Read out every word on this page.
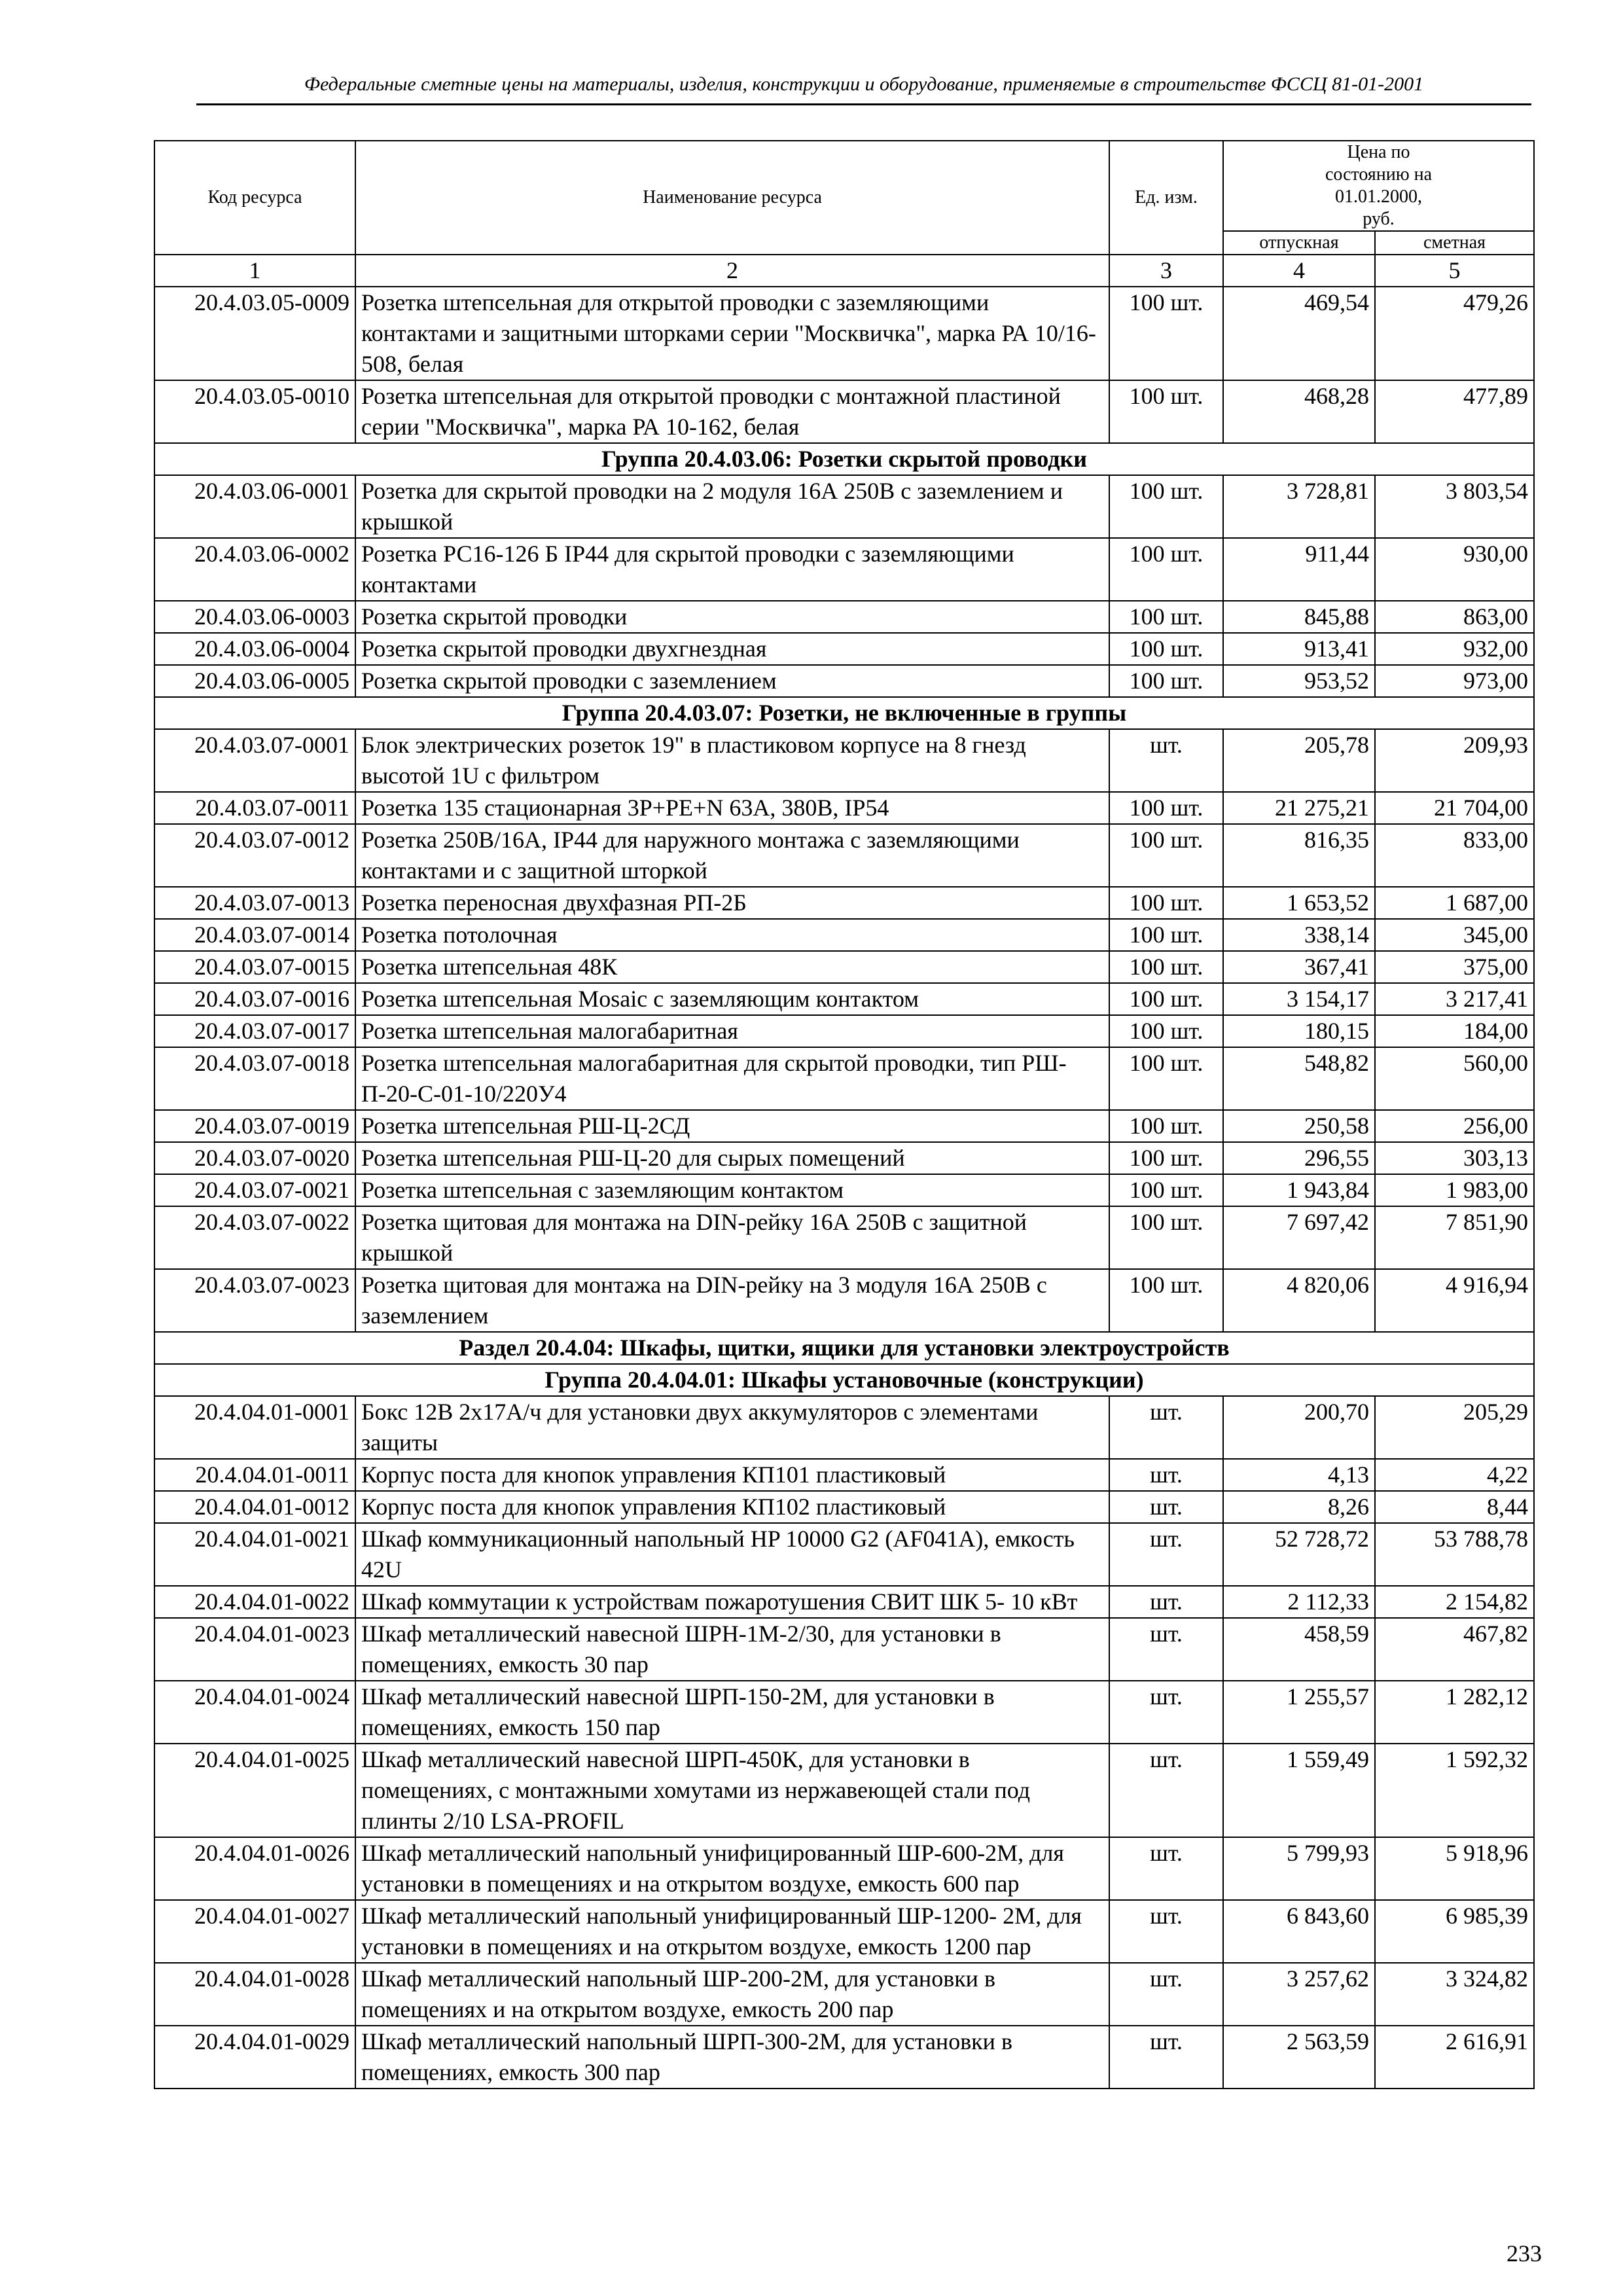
Федеральные сметные цены на материалы, изделия, конструкции и оборудование, применяемые в строительстве ФССЦ 81-01-2001
Код ресурса	Наименование ресурса	Ед. изм.	Цена по состоянию на 01.01.2000, руб.	
			отпускная	сметная
1	2	3	4	5
20.4.03.05-0009	Розетка штепсельная для открытой проводки с заземляющими контактами и защитными шторками серии "Москвичка", марка РА 10/16-508, белая	100 шт.	469,54	479,26
20.4.03.05-0010	Розетка штепсельная для открытой проводки с монтажной пластиной серии "Москвичка", марка РА 10-162, белая	100 шт.	468,28	477,89
Группа 20.4.03.06: Розетки скрытой проводки				
20.4.03.06-0001	Розетка для скрытой проводки на 2 модуля 16А 250В с заземлением и крышкой	100 шт.	3 728,81	3 803,54
20.4.03.06-0002	Розетка РС16-126 Б IP44 для скрытой проводки с заземляющими контактами	100 шт.	911,44	930,00
20.4.03.06-0003	Розетка скрытой проводки	100 шт.	845,88	863,00
20.4.03.06-0004	Розетка скрытой проводки двухгнездная	100 шт.	913,41	932,00
20.4.03.06-0005	Розетка скрытой проводки с заземлением	100 шт.	953,52	973,00
Группа 20.4.03.07: Розетки, не включенные в группы				
20.4.03.07-0001	Блок электрических розеток 19" в пластиковом корпусе на 8 гнезд высотой 1U с фильтром	шт.	205,78	209,93
20.4.03.07-0011	Розетка 135 стационарная 3Р+РЕ+N 63А, 380В, IP54	100 шт.	21 275,21	21 704,00
20.4.03.07-0012	Розетка 250В/16А, IP44 для наружного монтажа с заземляющими контактами и с защитной шторкой	100 шт.	816,35	833,00
20.4.03.07-0013	Розетка переносная двухфазная РП-2Б	100 шт.	1 653,52	1 687,00
20.4.03.07-0014	Розетка потолочная	100 шт.	338,14	345,00
20.4.03.07-0015	Розетка штепсельная 48К	100 шт.	367,41	375,00
20.4.03.07-0016	Розетка штепсельная Mosaic с заземляющим контактом	100 шт.	3 154,17	3 217,41
20.4.03.07-0017	Розетка штепсельная малогабаритная	100 шт.	180,15	184,00
20.4.03.07-0018	Розетка штепсельная малогабаритная для скрытой проводки, тип РШ-П-20-С-01-10/220У4	100 шт.	548,82	560,00
20.4.03.07-0019	Розетка штепсельная РШ-Ц-2СД	100 шт.	250,58	256,00
20.4.03.07-0020	Розетка штепсельная РШ-Ц-20 для сырых помещений	100 шт.	296,55	303,13
20.4.03.07-0021	Розетка штепсельная с заземляющим контактом	100 шт.	1 943,84	1 983,00
20.4.03.07-0022	Розетка щитовая для монтажа на DIN-рейку 16А 250В с защитной крышкой	100 шт.	7 697,42	7 851,90
20.4.03.07-0023	Розетка щитовая для монтажа на DIN-рейку на 3 модуля 16А 250В с заземлением	100 шт.	4 820,06	4 916,94
Раздел 20.4.04: Шкафы, щитки, ящики для установки электроустройств				
Группа 20.4.04.01: Шкафы установочные (конструкции)				
20.4.04.01-0001	Бокс 12В 2х17А/ч для установки двух аккумуляторов с элементами защиты	шт.	200,70	205,29
20.4.04.01-0011	Корпус поста для кнопок управления КП101 пластиковый	шт.	4,13	4,22
20.4.04.01-0012	Корпус поста для кнопок управления КП102 пластиковый	шт.	8,26	8,44
20.4.04.01-0021	Шкаф коммуникационный напольный HP 10000 G2 (AF041A), емкость 42U	шт.	52 728,72	53 788,78
20.4.04.01-0022	Шкаф коммутации к устройствам пожаротушения СВИТ ШК 5- 10 кВт	шт.	2 112,33	2 154,82
20.4.04.01-0023	Шкаф металлический навесной ШРН-1М-2/30, для установки в помещениях, емкость 30 пар	шт.	458,59	467,82
20.4.04.01-0024	Шкаф металлический навесной ШРП-150-2М, для установки в помещениях, емкость 150 пар	шт.	1 255,57	1 282,12
20.4.04.01-0025	Шкаф металлический навесной ШРП-450К, для установки в помещениях, с монтажными хомутами из нержавеющей стали под плинты 2/10 LSA-PROFIL	шт.	1 559,49	1 592,32
20.4.04.01-0026	Шкаф металлический напольный унифицированный ШР-600-2М, для установки в помещениях и на открытом воздухе, емкость 600 пар	шт.	5 799,93	5 918,96
20.4.04.01-0027	Шкаф металлический напольный унифицированный ШР-1200- 2М, для установки в помещениях и на открытом воздухе, емкость 1200 пар	шт.	6 843,60	6 985,39
20.4.04.01-0028	Шкаф металлический напольный ШР-200-2М, для установки в помещениях и на открытом воздухе, емкость 200 пар	шт.	3 257,62	3 324,82
20.4.04.01-0029	Шкаф металлический напольный ШРП-300-2М, для установки в помещениях, емкость 300 пар	шт.	2 563,59	2 616,91
233
